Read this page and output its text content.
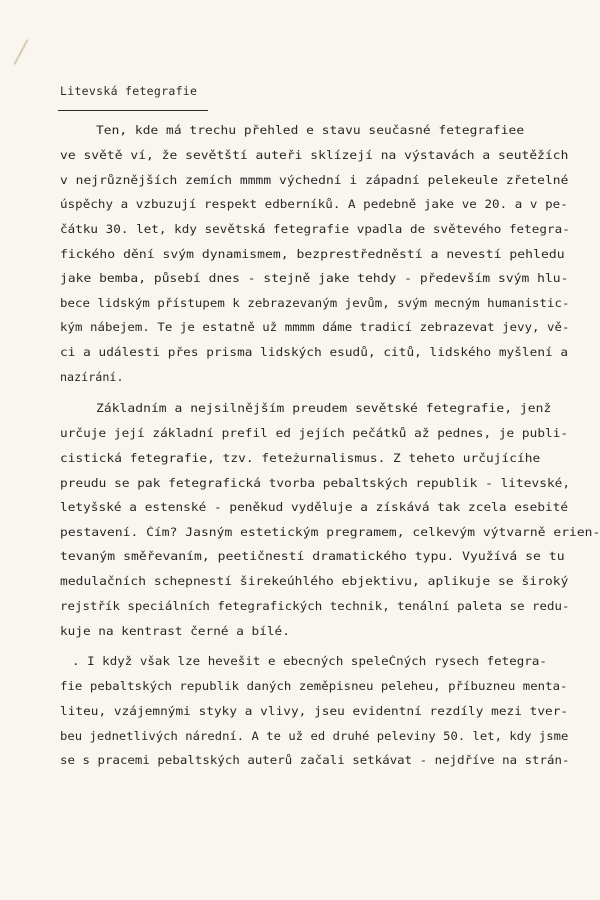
Litevská fetegrafie
Ten, kde má trechu přehled e stavu seučasné fetegrafiee
ve světě ví, že sevětští auteři sklízejí na výstavách a seutěžích
v nejrůznějších zemích mmmm výchední i západní pelekeule zřetelné
úspěchy a vzbuzují respekt edberníků. A pedebně jake ve 20. a v pe-
čátku 30. let, kdy sevětská fetegrafie vpadla de světevého fetegra-
fického dění svým dynamismem, bezprestředněstí a nevestí pehledu
jake bemba, půsebí dnes - stejně jake tehdy - především svým hlu-
bece lidským přístupem k zebrazevaným jevům, svým mecným humanistic-
kým nábejem. Te je estatně už mmmm dáme tradicí zebrazevat jevy, vě-
ci a událesti přes prisma lidských esudů, citů, lidského myšlení a
nazírání.
Základním a nejsilnějším preudem sevětské fetegrafie, jenž
určuje její základní prefil ed jejích pečátků až pednes, je publi-
cistická fetegrafie, tzv. feteżurnalismus. Z teheto určujícíhe
preudu se pak fetegrafická tvorba pebaltských republik - litevské,
letyšské a estenské - peněkud vyděluje a získává tak zcela esebité
pestavení. Čím? Jasným estetickým pregramem, celkevým výtvarně erien-
tevaným směřevaním, peetičnestí dramatického typu. Využívá se tu
medulačních schepnestí širekeúhlého ebjektivu, aplikuje se široký
rejstřík speciálních fetegrafických technik, tenální paleta se redu-
kuje na kentrast černé a bílé.
. I když však lze hevešit e ebecných speleČných rysech fetegra-
fie pebaltských republik daných zeměpisneu peleheu, příbuzneu menta-
liteu, vzájemnými styky a vlivy, jseu evidentní rezdíly mezi tver-
beu jednetlivých nárední. A te už ed druhé peleviny 50. let, kdy jsme
se s pracemi pebaltských auterů začali setkávat - nejdříve na strán-
